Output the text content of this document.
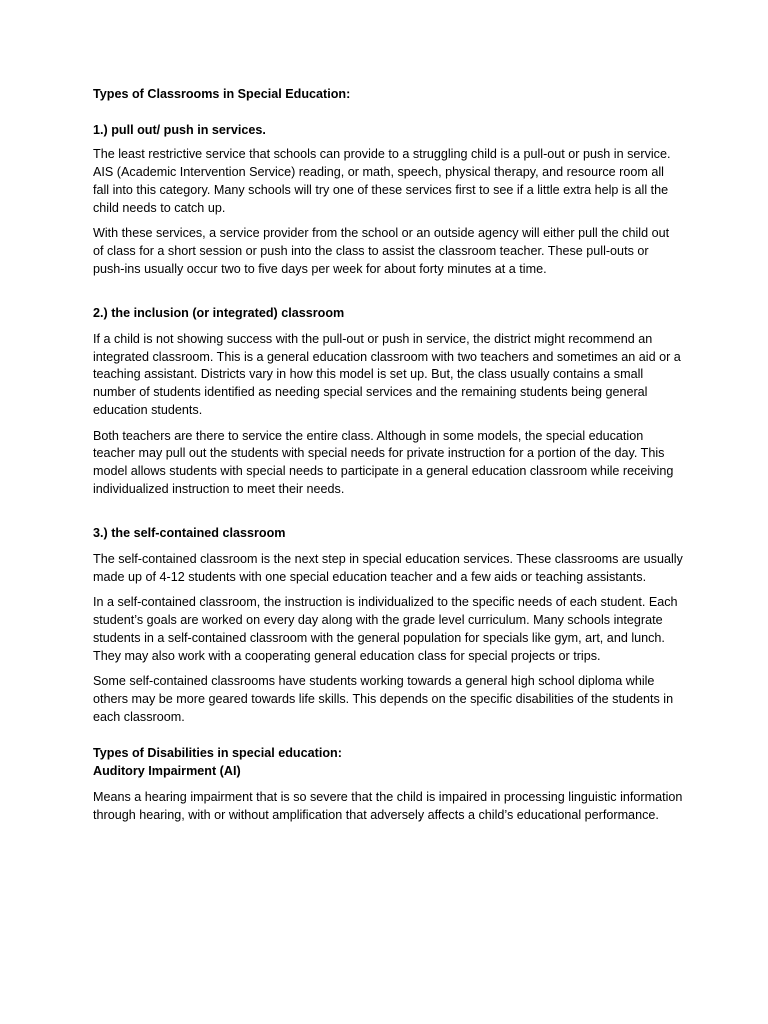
Types of Classrooms in Special Education:

1.) pull out/ push in services.

The least restrictive service that schools can provide to a struggling child is a pull-out or push in service. AIS (Academic Intervention Service) reading, or math, speech, physical therapy, and resource room all fall into this category. Many schools will try one of these services first to see if a little extra help is all the child needs to catch up.

With these services, a service provider from the school or an outside agency will either pull the child out of class for a short session or push into the class to assist the classroom teacher. These pull-outs or push-ins usually occur two to five days per week for about forty minutes at a time.

2.) the inclusion (or integrated) classroom

If a child is not showing success with the pull-out or push in service, the district might recommend an integrated classroom. This is a general education classroom with two teachers and sometimes an aid or a teaching assistant. Districts vary in how this model is set up. But, the class usually contains a small number of students identified as needing special services and the remaining students being general education students.

Both teachers are there to service the entire class. Although in some models, the special education teacher may pull out the students with special needs for private instruction for a portion of the day. This model allows students with special needs to participate in a general education classroom while receiving individualized instruction to meet their needs.

3.) the self-contained classroom

The self-contained classroom is the next step in special education services. These classrooms are usually made up of 4-12 students with one special education teacher and a few aids or teaching assistants.

In a self-contained classroom, the instruction is individualized to the specific needs of each student. Each student’s goals are worked on every day along with the grade level curriculum. Many schools integrate students in a self-contained classroom with the general population for specials like gym, art, and lunch. They may also work with a cooperating general education class for special projects or trips.

Some self-contained classrooms have students working towards a general high school diploma while others may be more geared towards life skills. This depends on the specific disabilities of the students in each classroom.

Types of Disabilities in special education:

Auditory Impairment (AI)

Means a hearing impairment that is so severe that the child is impaired in processing linguistic information through hearing, with or without amplification that adversely affects a child’s educational performance.
